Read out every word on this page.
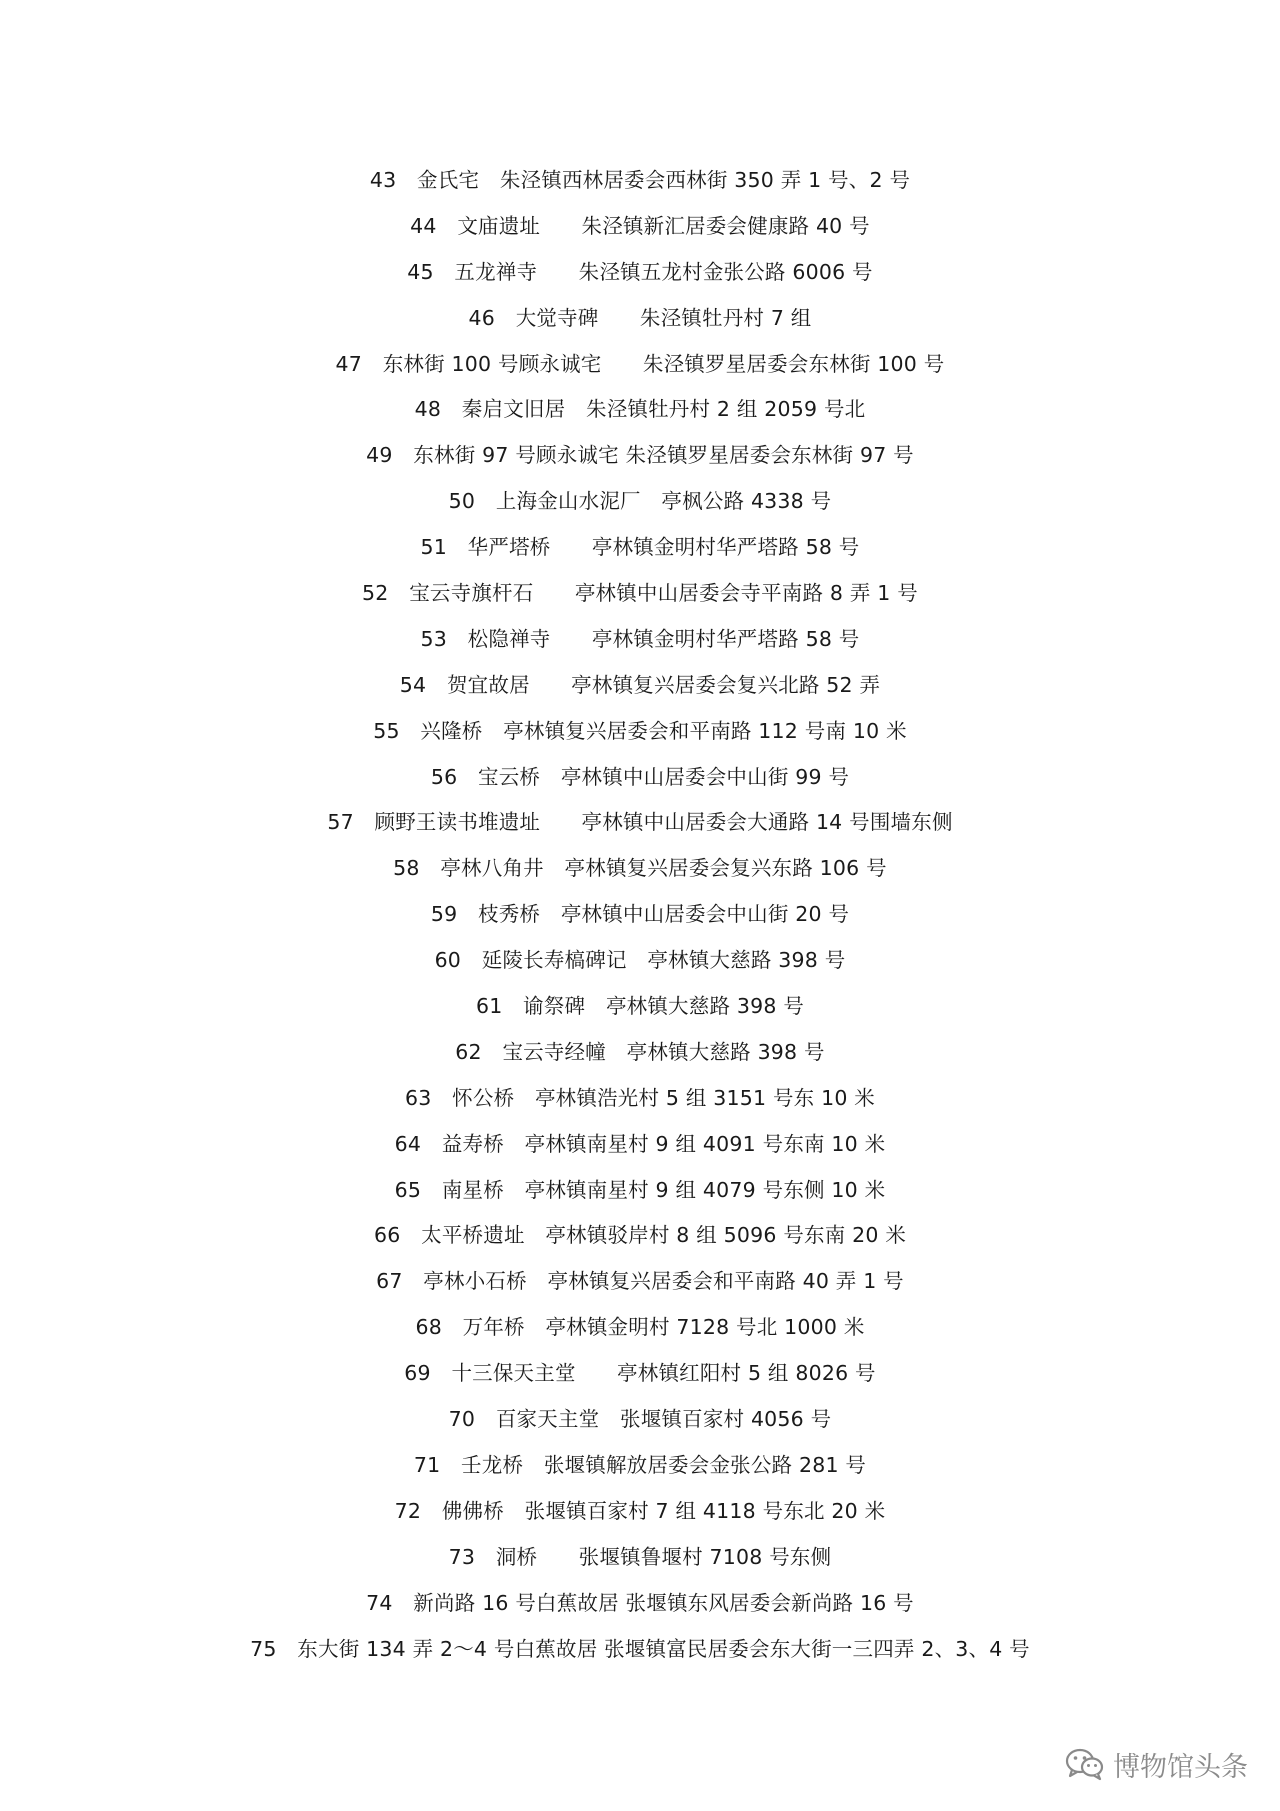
43　金氏宅　朱泾镇西林居委会西林街 350 弄 1 号、2 号
44　文庙遗址　　朱泾镇新汇居委会健康路 40 号
45　五龙禅寺　　朱泾镇五龙村金张公路 6006 号
46　大觉寺碑　　朱泾镇牡丹村 7 组
47　东林街 100 号顾永诚宅　　朱泾镇罗星居委会东林街 100 号
48　秦启文旧居　朱泾镇牡丹村 2 组 2059 号北
49　东林街 97 号顾永诚宅 朱泾镇罗星居委会东林街 97 号
50　上海金山水泥厂　亭枫公路 4338 号
51　华严塔桥　　亭林镇金明村华严塔路 58 号
52　宝云寺旗杆石　　亭林镇中山居委会寺平南路 8 弄 1 号
53　松隐禅寺　　亭林镇金明村华严塔路 58 号
54　贺宜故居　　亭林镇复兴居委会复兴北路 52 弄
55　兴隆桥　亭林镇复兴居委会和平南路 112 号南 10 米
56　宝云桥　亭林镇中山居委会中山街 99 号
57　顾野王读书堆遗址　　亭林镇中山居委会大通路 14 号围墙东侧
58　亭林八角井　亭林镇复兴居委会复兴东路 106 号
59　枝秀桥　亭林镇中山居委会中山街 20 号
60　延陵长寿槁碑记　亭林镇大慈路 398 号
61　谕祭碑　亭林镇大慈路 398 号
62　宝云寺经幢　亭林镇大慈路 398 号
63　怀公桥　亭林镇浩光村 5 组 3151 号东 10 米
64　益寿桥　亭林镇南星村 9 组 4091 号东南 10 米
65　南星桥　亭林镇南星村 9 组 4079 号东侧 10 米
66　太平桥遗址　亭林镇驳岸村 8 组 5096 号东南 20 米
67　亭林小石桥　亭林镇复兴居委会和平南路 40 弄 1 号
68　万年桥　亭林镇金明村 7128 号北 1000 米
69　十三保天主堂　　亭林镇红阳村 5 组 8026 号
70　百家天主堂　张堰镇百家村 4056 号
71　壬龙桥　张堰镇解放居委会金张公路 281 号
72　佛佛桥　张堰镇百家村 7 组 4118 号东北 20 米
73　洞桥　　张堰镇鲁堰村 7108 号东侧
74　新尚路 16 号白蕉故居 张堰镇东风居委会新尚路 16 号
75　东大街 134 弄 2～4 号白蕉故居 张堰镇富民居委会东大街一三四弄 2、3、4 号
博物馆头条
